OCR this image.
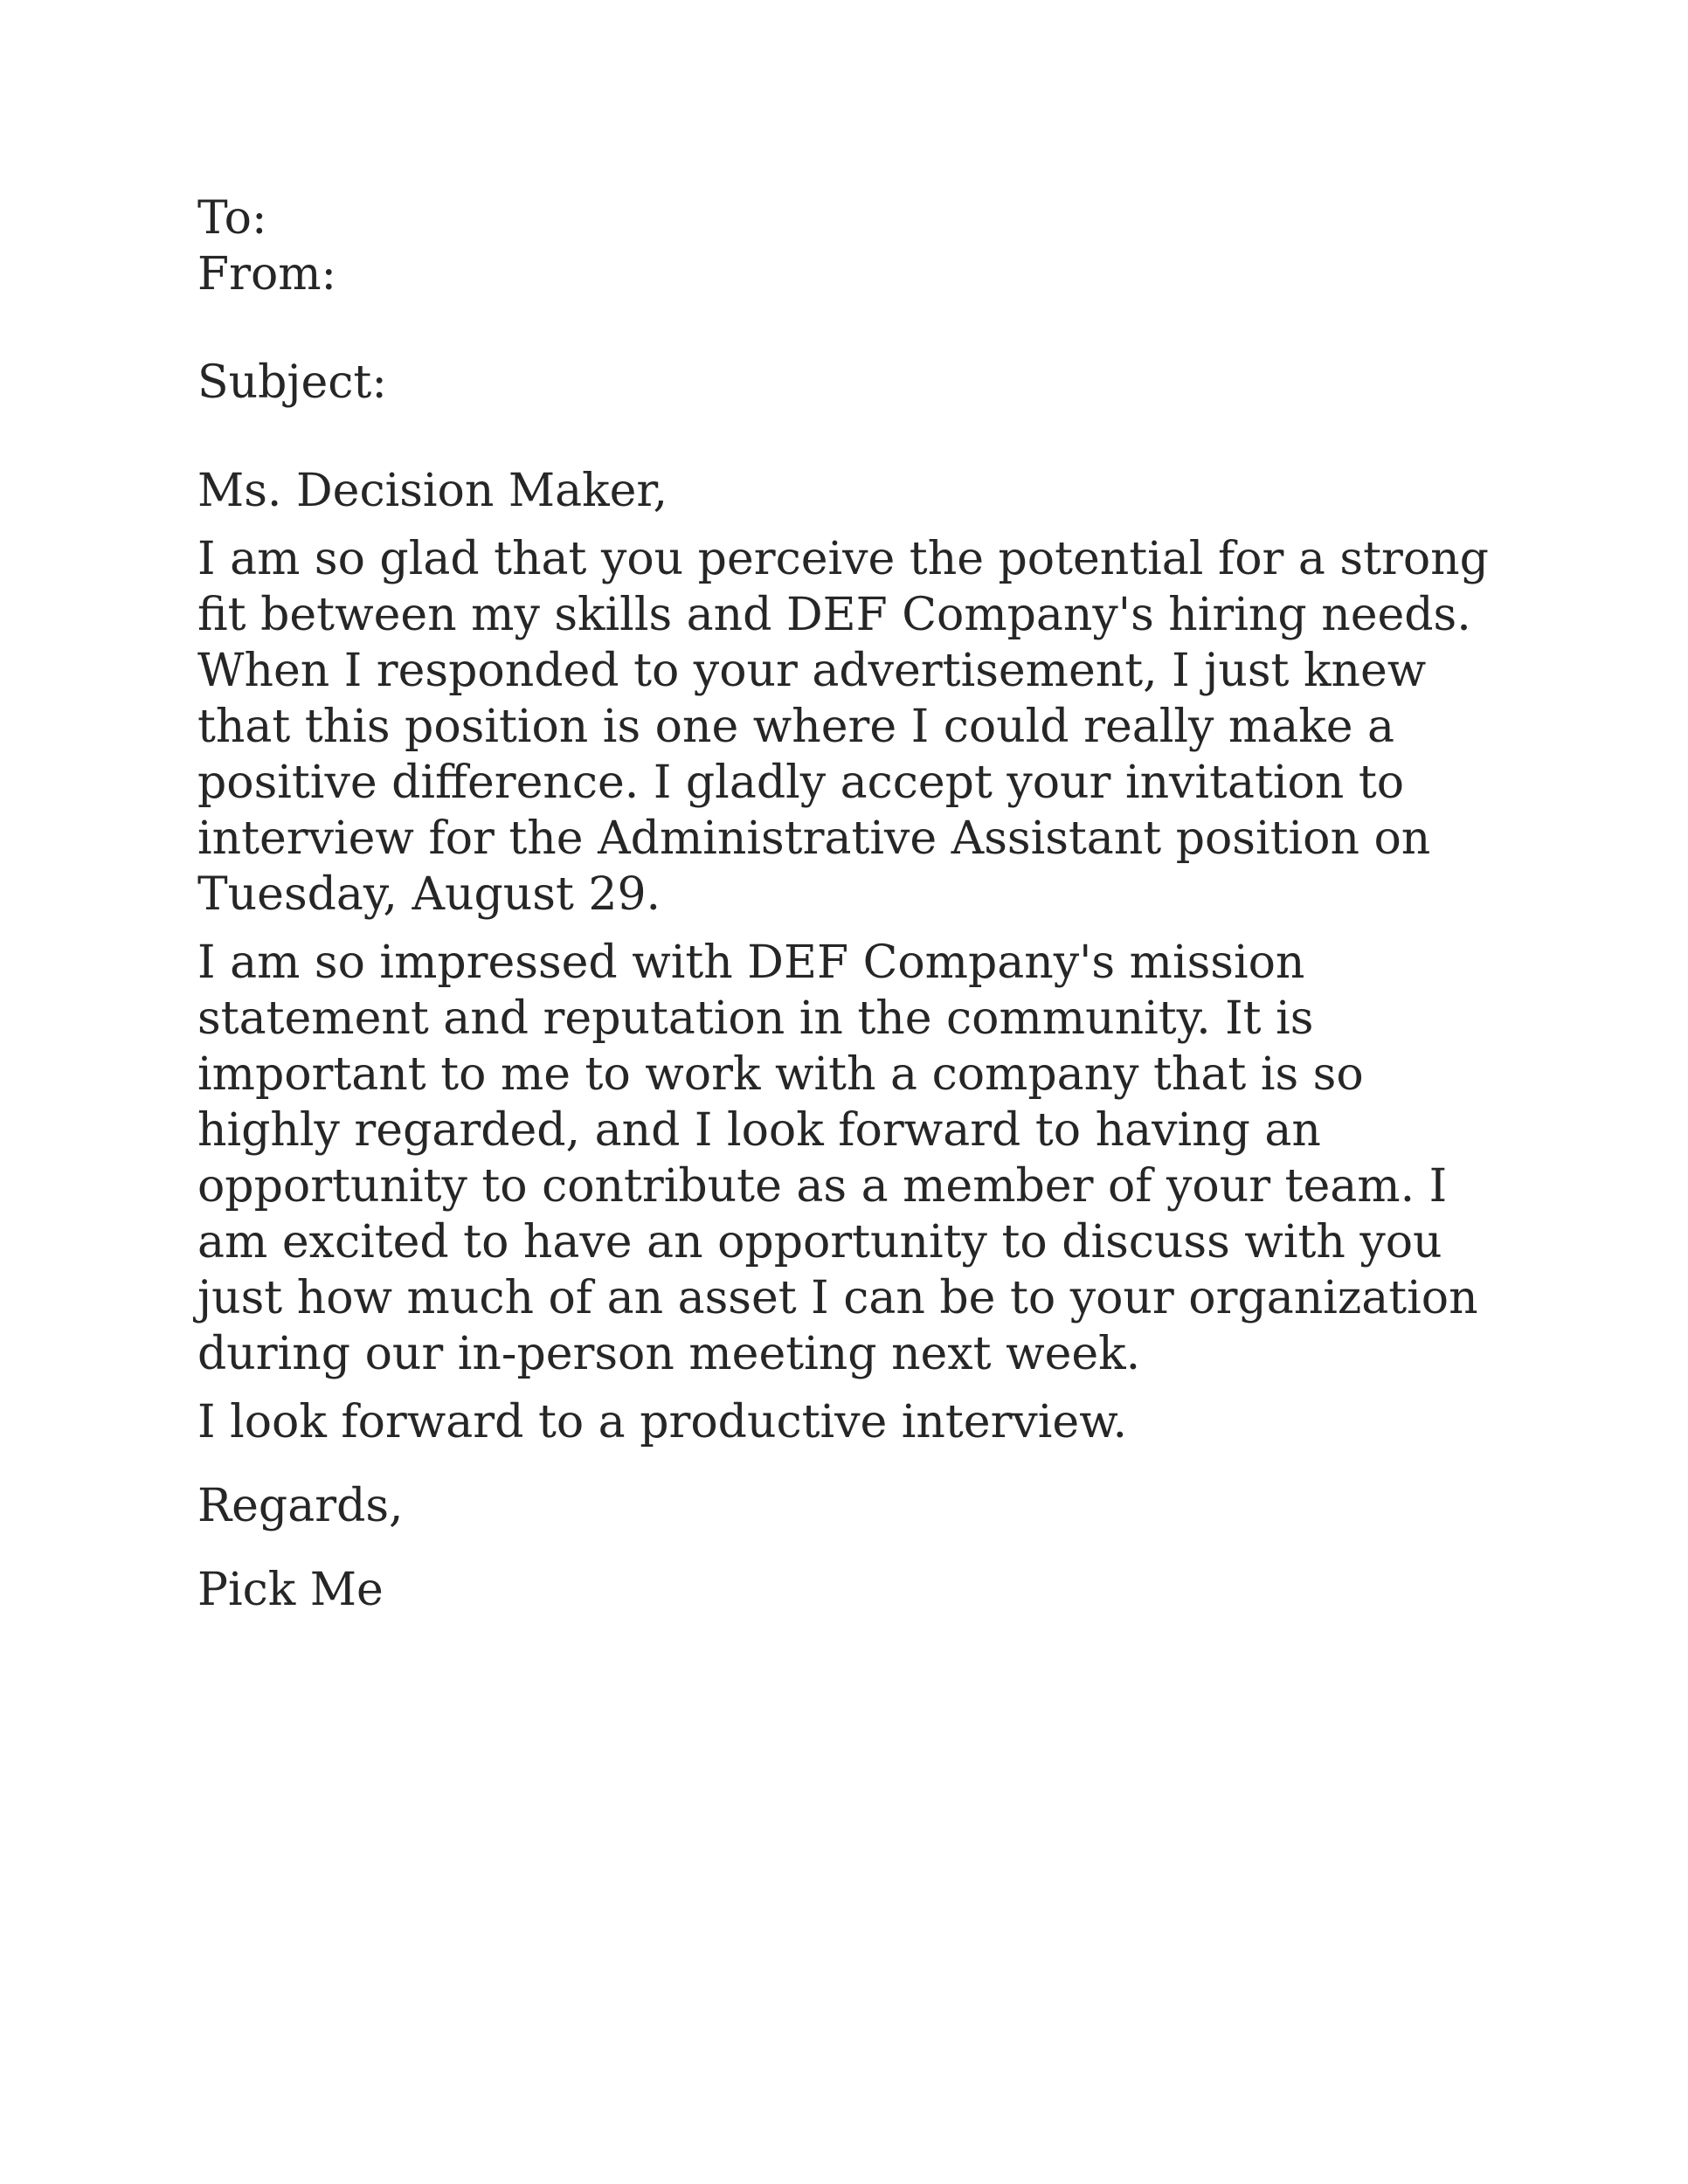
To:
From:
Subject:
Ms. Decision Maker,

I am so glad that you perceive the potential for a strong fit between my skills and DEF Company's hiring needs. When I responded to your advertisement, I just knew that this position is one where I could really make a positive difference. I gladly accept your invitation to interview for the Administrative Assistant position on Tuesday, August 29.

I am so impressed with DEF Company's mission statement and reputation in the community. It is important to me to work with a company that is so highly regarded, and I look forward to having an opportunity to contribute as a member of your team. I am excited to have an opportunity to discuss with you just how much of an asset I can be to your organization during our in-person meeting next week.

I look forward to a productive interview.

Regards,
Pick Me
